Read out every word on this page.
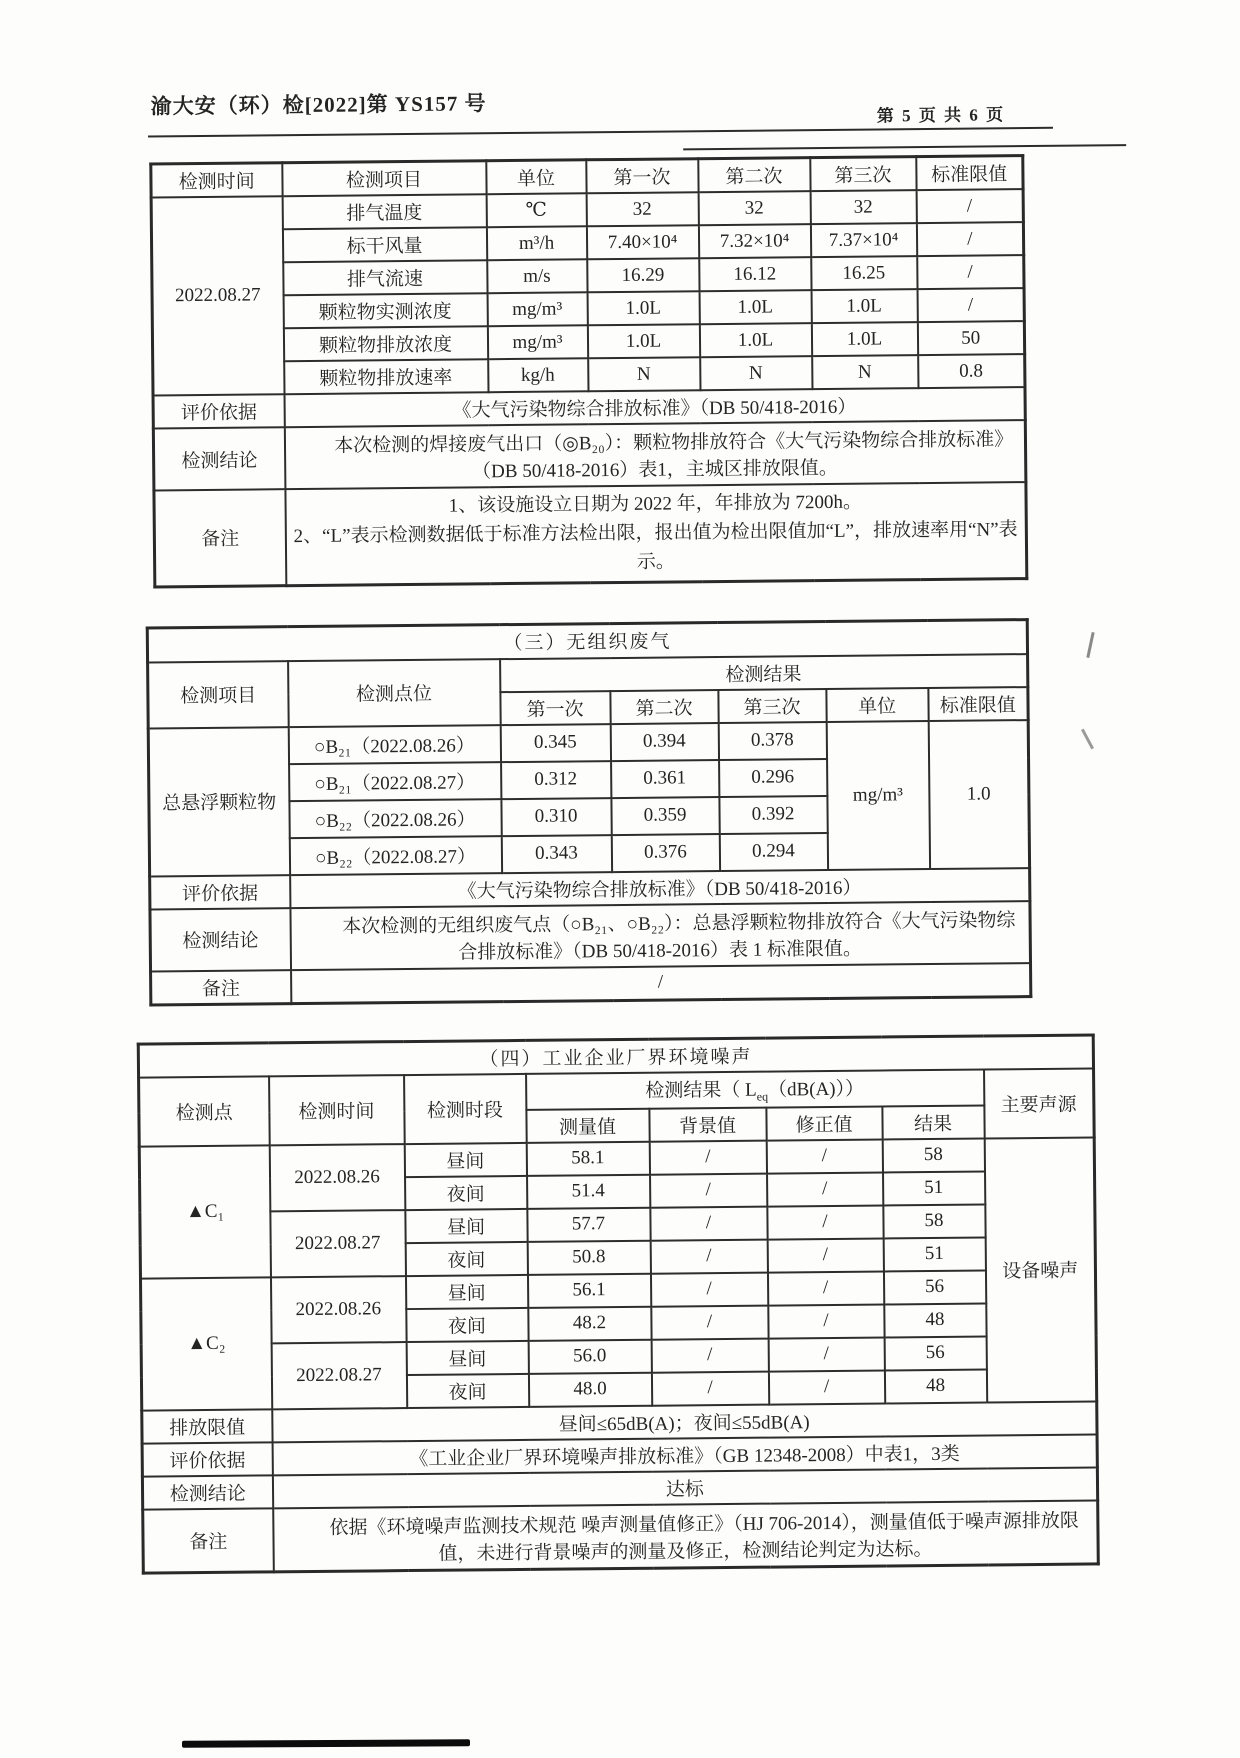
渝大安（环）检[2022]第 YS157 号	第 5 页 共 6 页
检测时间	检测项目	单位	第一次	第二次	第三次	标准限值
2022.08.27	排气温度	℃	32	32	32	/
	标干风量	m³/h	7.40×10⁴	7.32×10⁴	7.37×10⁴	/
	排气流速	m/s	16.29	16.12	16.25	/
	颗粒物实测浓度	mg/m³	1.0L	1.0L	1.0L	/
	颗粒物排放浓度	mg/m³	1.0L	1.0L	1.0L	50
	颗粒物排放速率	kg/h	N	N	N	0.8
评价依据	《大气污染物综合排放标准》（DB 50/418-2016）					
检测结论	本次检测的焊接废气出口（◎B₂₀）：颗粒物排放符合《大气污染物综合排放标准》（DB 50/418-2016）表1，主城区排放限值。					
备注	1、该设施设立日期为 2022 年，年排放为 7200h。
2、“L”表示检测数据低于标准方法检出限，报出值为检出限值加“L”，排放速率用“N”表示。					
（三）无组织废气						
检测项目	检测点位	检测结果				
		第一次	第二次	第三次	单位	标准限值
总悬浮颗粒物	○B₂₁（2022.08.26）	0.345	0.394	0.378	mg/m³	1.0
	○B₂₁（2022.08.27）	0.312	0.361	0.296		
	○B₂₂（2022.08.26）	0.310	0.359	0.392		
	○B₂₂（2022.08.27）	0.343	0.376	0.294		
评价依据	《大气污染物综合排放标准》（DB 50/418-2016）					
检测结论	本次检测的无组织废气点（○B₂₁、○B₂₂）：总悬浮颗粒物排放符合《大气污染物综合排放标准》（DB 50/418-2016）表 1 标准限值。					
备注	/					
（四）工业企业厂界环境噪声							
检测点	检测时间	检测时段	检测结果（ $L_{eq}(dB(A))$）				主要声源
			测量值	背景值	修正值	结果	
▲C₁	2022.08.26	昼间	58.1	/	/	58	设备噪声
		夜间	51.4	/	/	51	
	2022.08.27	昼间	57.7	/	/	58	
		夜间	50.8	/	/	51	
▲C₂	2022.08.26	昼间	56.1	/	/	56	
		夜间	48.2	/	/	48	
	2022.08.27	昼间	56.0	/	/	56	
		夜间	48.0	/	/	48	
排放限值	昼间≤65dB(A)；夜间≤55dB(A)						
评价依据	《工业企业厂界环境噪声排放标准》（GB 12348-2008）中表1，3类						
检测结论	达标						
备注	依据《环境噪声监测技术规范 噪声测量值修正》（HJ 706-2014），测量值低于噪声源排放限值，未进行背景噪声的测量及修正，检测结论判定为达标。						
